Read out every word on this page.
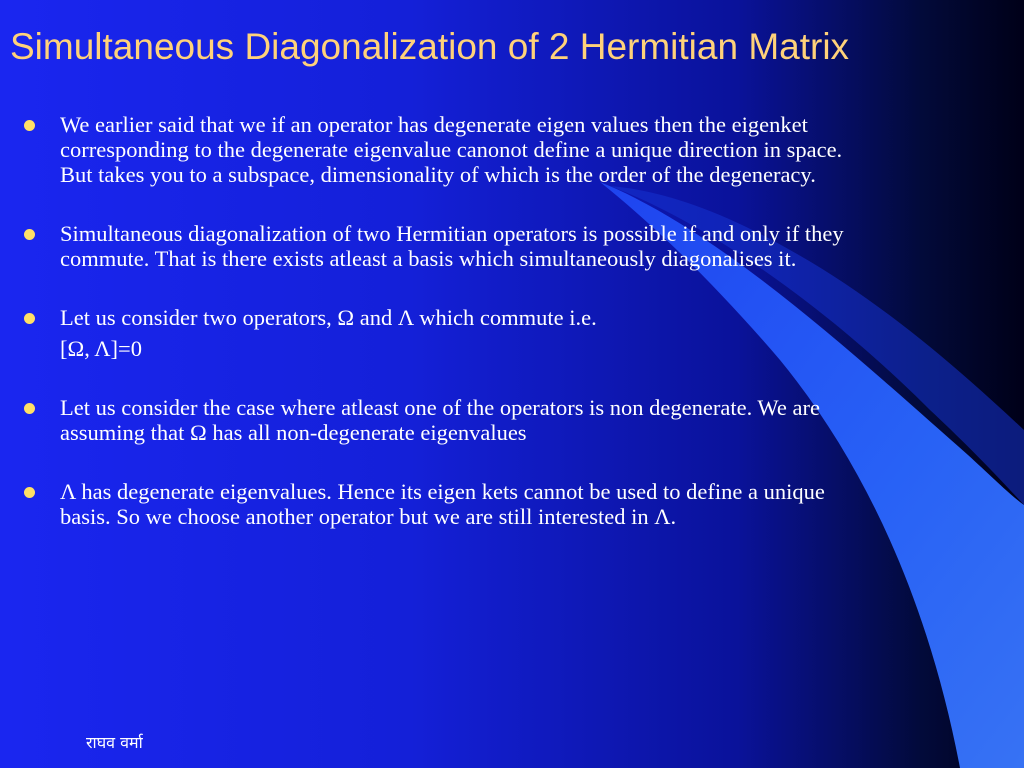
Simultaneous Diagonalization of 2 Hermitian Matrix
We earlier said that we if an operator has degenerate eigen values then the eigenket corresponding to the degenerate eigenvalue canonot define a unique direction in space. But takes you to a subspace, dimensionality of which is the order of the degeneracy.
Simultaneous diagonalization of two Hermitian operators is possible if and only if they commute. That is there exists atleast a basis which simultaneously diagonalises it.
Let us consider two operators, Ω and Λ which commute i.e.
[Ω, Λ]=0
Let us consider the case where atleast one of the operators is non degenerate. We are assuming that Ω has all non-degenerate eigenvalues
Λ has degenerate eigenvalues. Hence its eigen kets cannot be used to define a unique basis. So we choose another operator but we are still interested in Λ.
राघव वर्मा
